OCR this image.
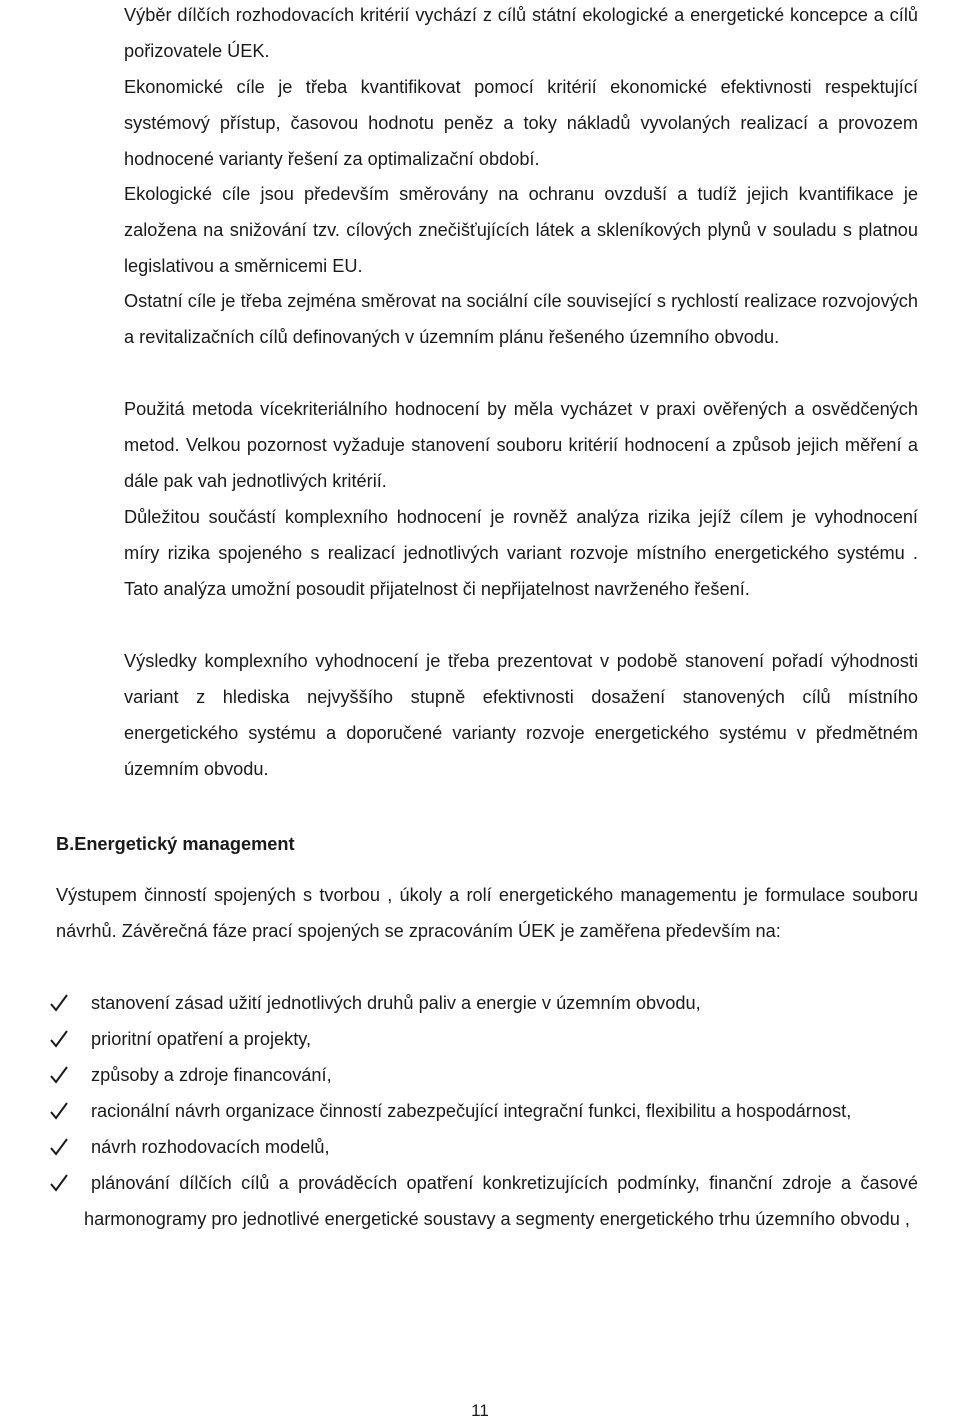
Výběr dílčích rozhodovacích kritérií vychází z cílů státní ekologické a energetické koncepce a cílů pořizovatele ÚEK.

Ekonomické cíle je třeba kvantifikovat pomocí kritérií ekonomické efektivnosti respektující systémový přístup, časovou hodnotu peněz a toky nákladů vyvolaných realizací a provozem hodnocené varianty řešení za optimalizační období.

Ekologické cíle jsou především směrovány na ochranu ovzduší a tudíž jejich kvantifikace je založena na snižování tzv. cílových znečišťujících látek a skleníkových plynů v souladu s platnou legislativou a směrnicemi EU.

Ostatní cíle je třeba zejména směrovat na sociální cíle související s rychlostí realizace rozvojových a revitalizačních cílů definovaných v územním plánu řešeného územního obvodu.

Použitá metoda vícekriteriálního hodnocení by měla vycházet v praxi ověřených a osvědčených metod. Velkou pozornost vyžaduje stanovení souboru kritérií hodnocení a způsob jejich měření a dále pak vah jednotlivých kritérií.

Důležitou součástí komplexního hodnocení je rovněž analýza rizika jejíž cílem je vyhodnocení míry rizika spojeného s realizací jednotlivých variant rozvoje místního energetického systému . Tato analýza umožní posoudit přijatelnost či nepřijatelnost navrženého řešení.

Výsledky komplexního vyhodnocení je třeba prezentovat v podobě stanovení pořadí výhodnosti variant z hlediska nejvyššího stupně efektivnosti dosažení stanovených cílů místního energetického systému a doporučené varianty rozvoje energetického systému v předmětném územním obvodu.

B.Energetický management

Výstupem činností spojených s tvorbou , úkoly a rolí energetického managementu je formulace souboru návrhů. Závěrečná fáze prací spojených se zpracováním ÚEK je zaměřena především na:

stanovení zásad užití jednotlivých druhů paliv a energie v územním obvodu,
prioritní opatření a projekty,
způsoby a zdroje financování,
racionální návrh organizace činností zabezpečující integrační funkci, flexibilitu a hospodárnost,
návrh rozhodovacích modelů,
plánování dílčích cílů a prováděcích opatření konkretizujících podmínky, finanční zdroje a časové harmonogramy pro jednotlivé energetické soustavy a segmenty energetického trhu územního obvodu ,
11
